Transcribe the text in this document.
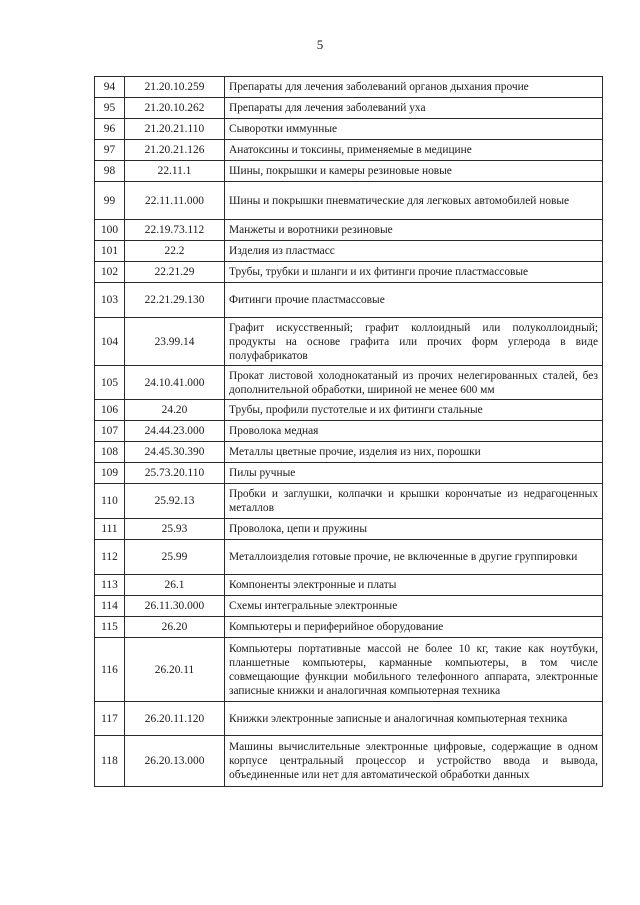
5
94	21.20.10.259	Препараты для лечения заболеваний органов дыхания прочие
95	21.20.10.262	Препараты для лечения заболеваний уха
96	21.20.21.110	Сыворотки иммунные
97	21.20.21.126	Анатоксины и токсины, применяемые в медицине
98	22.11.1	Шины, покрышки и камеры резиновые новые
99	22.11.11.000	Шины и покрышки пневматические для легковых автомобилей новые
100	22.19.73.112	Манжеты и воротники резиновые
101	22.2	Изделия из пластмасс
102	22.21.29	Трубы, трубки и шланги и их фитинги прочие пластмассовые
103	22.21.29.130	Фитинги прочие пластмассовые
104	23.99.14	Графит искусственный; графит коллоидный или полуколлоидный; продукты на основе графита или прочих форм углерода в виде полуфабрикатов
105	24.10.41.000	Прокат листовой холоднокатаный из прочих нелегированных сталей, без дополнительной обработки, шириной не менее 600 мм
106	24.20	Трубы, профили пустотелые и их фитинги стальные
107	24.44.23.000	Проволока медная
108	24.45.30.390	Металлы цветные прочие, изделия из них, порошки
109	25.73.20.110	Пилы ручные
110	25.92.13	Пробки и заглушки, колпачки и крышки корончатые из недрагоценных металлов
111	25.93	Проволока, цепи и пружины
112	25.99	Металлоизделия готовые прочие, не включенные в другие группировки
113	26.1	Компоненты электронные и платы
114	26.11.30.000	Схемы интегральные электронные
115	26.20	Компьютеры и периферийное оборудование
116	26.20.11	Компьютеры портативные массой не более 10 кг, такие как ноутбуки, планшетные компьютеры, карманные компьютеры, в том числе совмещающие функции мобильного телефонного аппарата, электронные записные книжки и аналогичная компьютерная техника
117	26.20.11.120	Книжки электронные записные и аналогичная компьютерная техника
118	26.20.13.000	Машины вычислительные электронные цифровые, содержащие в одном корпусе центральный процессор и устройство ввода и вывода, объединенные или нет для автоматической обработки данных
